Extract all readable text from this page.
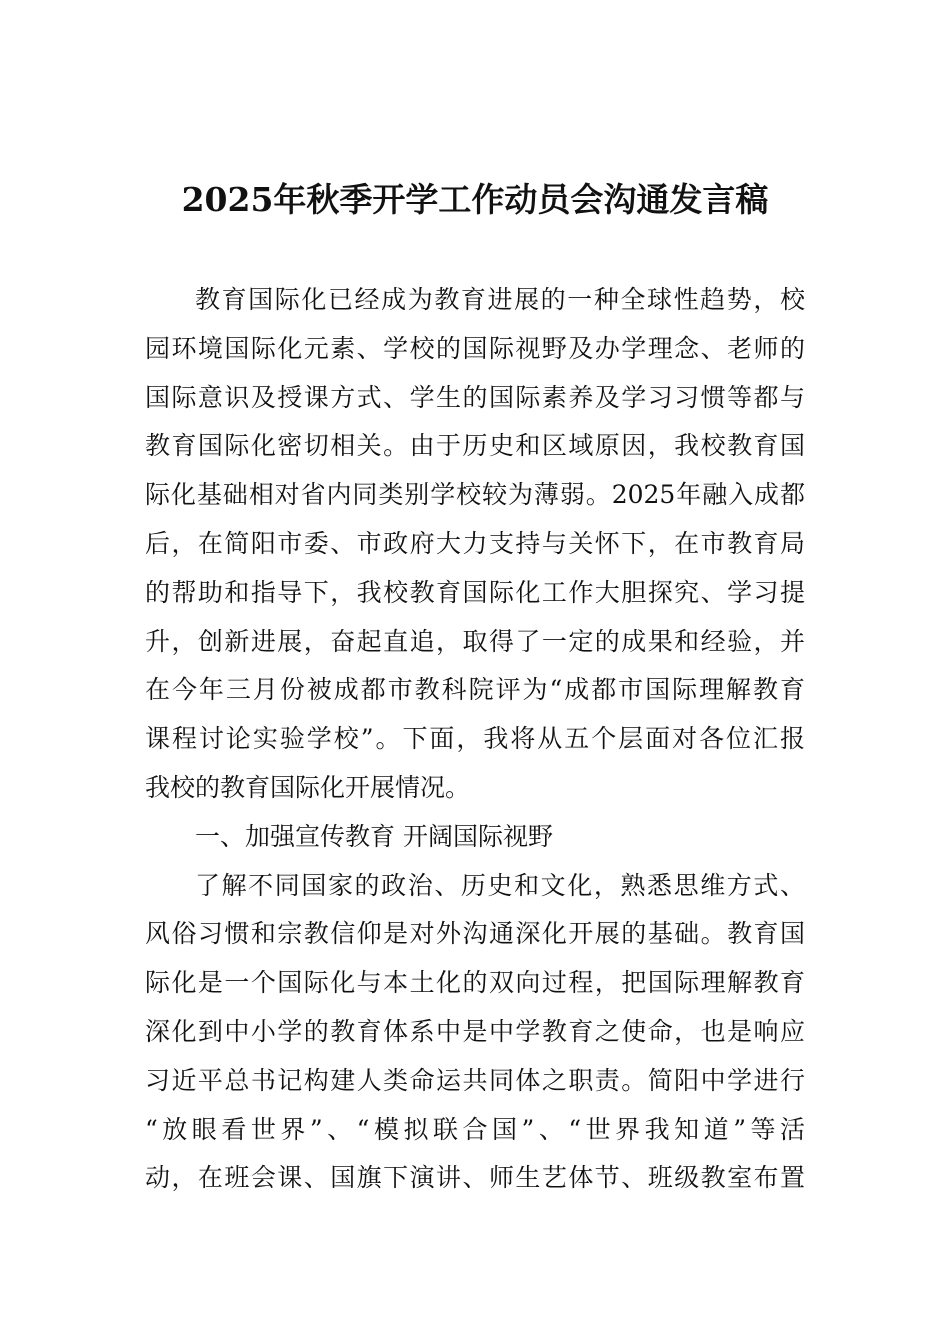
2025年秋季开学工作动员会沟通发言稿
教育国际化已经成为教育进展的一种全球性趋势，校
园环境国际化元素、学校的国际视野及办学理念、老师的
国际意识及授课方式、学生的国际素养及学习习惯等都与
教育国际化密切相关。由于历史和区域原因，我校教育国
际化基础相对省内同类别学校较为薄弱。2025年融入成都
后，在简阳市委、市政府大力支持与关怀下，在市教育局
的帮助和指导下，我校教育国际化工作大胆探究、学习提
升，创新进展，奋起直追，取得了一定的成果和经验，并
在今年三月份被成都市教科院评为“成都市国际理解教育
课程讨论实验学校”。下面，我将从五个层面对各位汇报
我校的教育国际化开展情况。
一、加强宣传教育 开阔国际视野
了解不同国家的政治、历史和文化，熟悉思维方式、
风俗习惯和宗教信仰是对外沟通深化开展的基础。教育国
际化是一个国际化与本土化的双向过程，把国际理解教育
深化到中小学的教育体系中是中学教育之使命，也是响应
习近平总书记构建人类命运共同体之职责。简阳中学进行
“放眼看世界”、“模拟联合国”、“世界我知道”等活
动，在班会课、国旗下演讲、师生艺体节、班级教室布置
